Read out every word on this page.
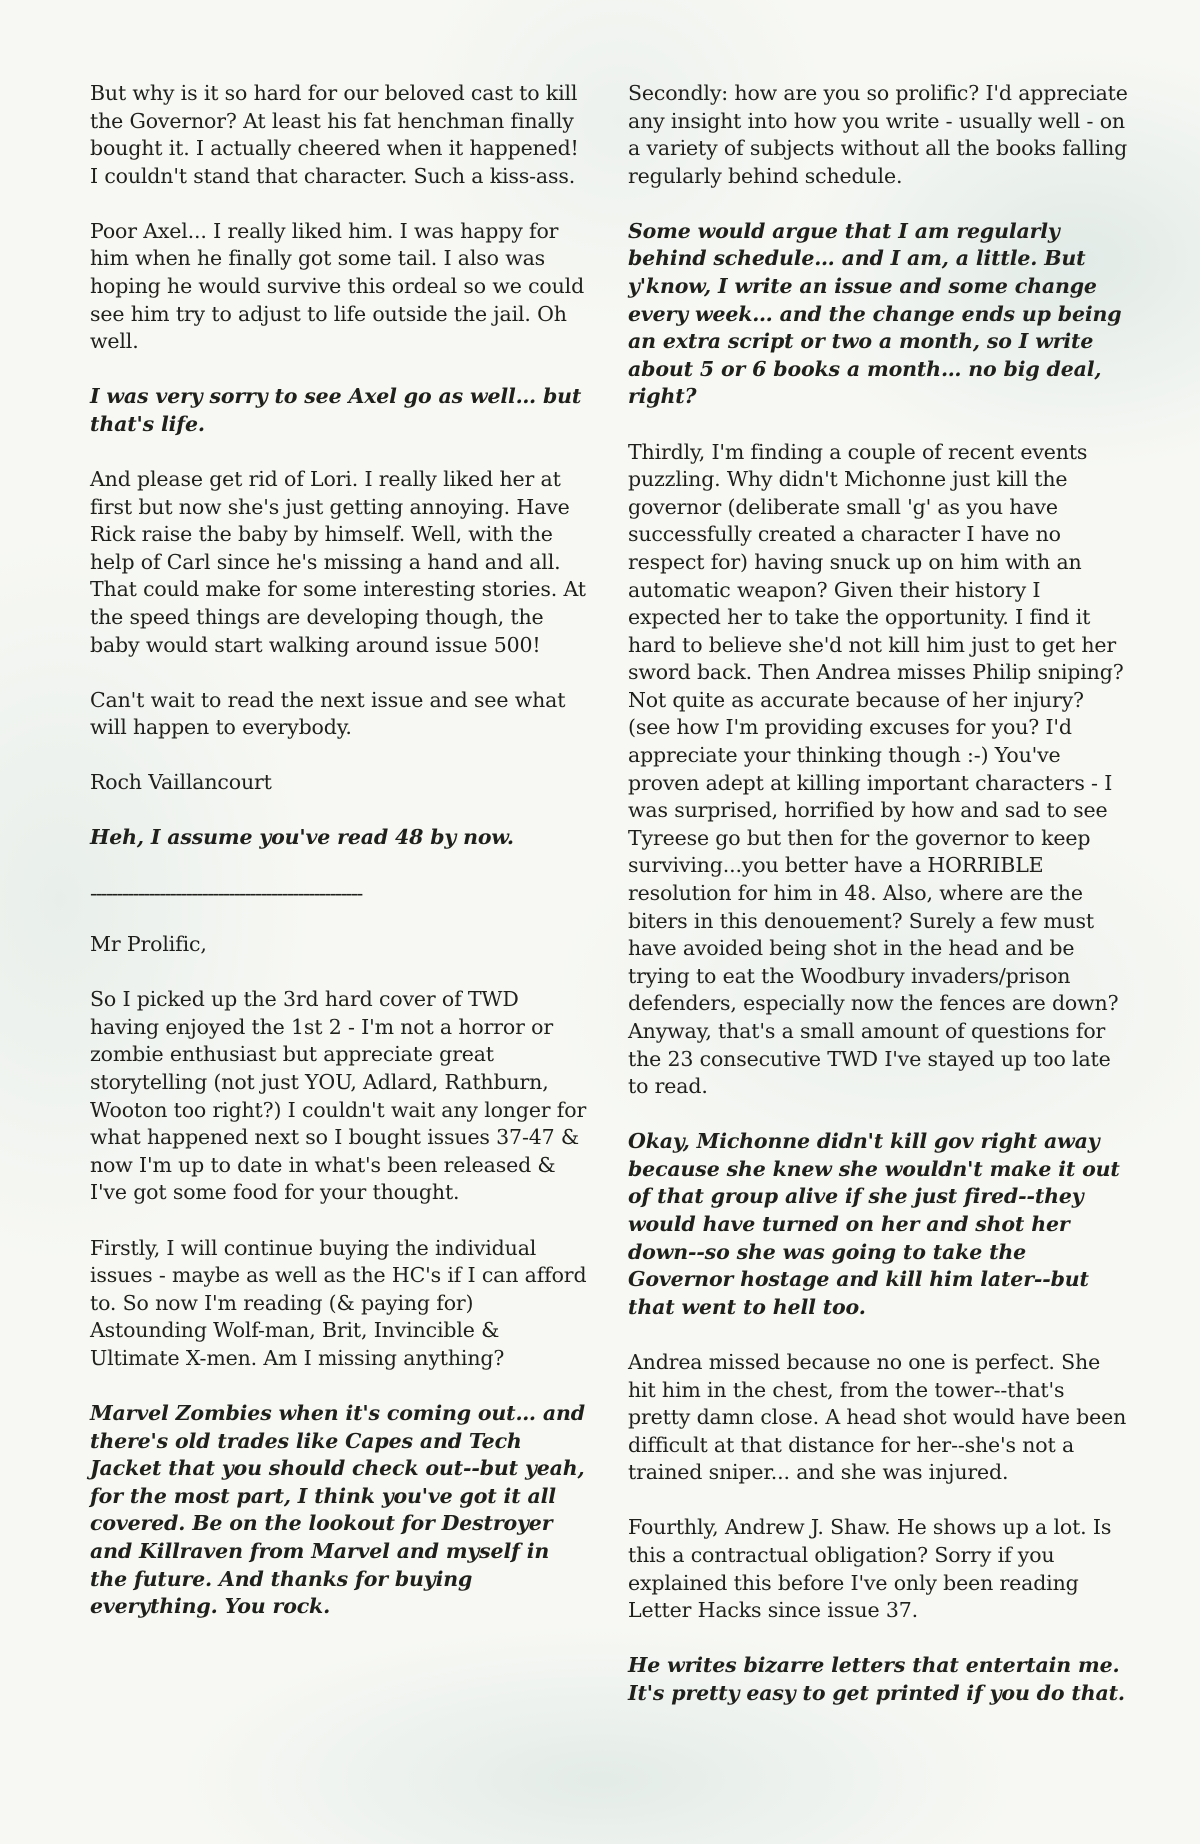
But why is it so hard for our beloved cast to kill the Governor? At least his fat henchman finally bought it. I actually cheered when it happened! I couldn't stand that character. Such a kiss-ass.

Poor Axel... I really liked him. I was happy for him when he finally got some tail. I also was hoping he would survive this ordeal so we could see him try to adjust to life outside the jail. Oh well.

I was very sorry to see Axel go as well… but that's life.

And please get rid of Lori. I really liked her at first but now she's just getting annoying. Have Rick raise the baby by himself. Well, with the help of Carl since he's missing a hand and all. That could make for some interesting stories. At the speed things are developing though, the baby would start walking around issue 500!

Can't wait to read the next issue and see what will happen to everybody.

Roch Vaillancourt

Heh, I assume you've read 48 by now.

---------------------------------------------------

Mr Prolific,

So I picked up the 3rd hard cover of TWD having enjoyed the 1st 2 - I'm not a horror or zombie enthusiast but appreciate great storytelling (not just YOU, Adlard, Rathburn, Wooton too right?) I couldn't wait any longer for what happened next so I bought issues 37-47 & now I'm up to date in what's been released & I've got some food for your thought.

Firstly, I will continue buying the individual issues - maybe as well as the HC's if I can afford to. So now I'm reading (& paying for) Astounding Wolf-man, Brit, Invincible & Ultimate X-men. Am I missing anything?

Marvel Zombies when it's coming out… and there's old trades like Capes and Tech Jacket that you should check out--but yeah, for the most part, I think you've got it all covered. Be on the lookout for Destroyer and Killraven from Marvel and myself in the future. And thanks for buying everything. You rock.

Secondly: how are you so prolific? I'd appreciate any insight into how you write - usually well - on a variety of subjects without all the books falling regularly behind schedule.

Some would argue that I am regularly behind schedule… and I am, a little. But y'know, I write an issue and some change every week… and the change ends up being an extra script or two a month, so I write about 5 or 6 books a month… no big deal, right?

Thirdly, I'm finding a couple of recent events puzzling. Why didn't Michonne just kill the governor (deliberate small 'g' as you have successfully created a character I have no respect for) having snuck up on him with an automatic weapon? Given their history I expected her to take the opportunity. I find it hard to believe she'd not kill him just to get her sword back. Then Andrea misses Philip sniping? Not quite as accurate because of her injury? (see how I'm providing excuses for you? I'd appreciate your thinking though :-) You've proven adept at killing important characters - I was surprised, horrified by how and sad to see Tyreese go but then for the governor to keep surviving...you better have a HORRIBLE resolution for him in 48. Also, where are the biters in this denouement? Surely a few must have avoided being shot in the head and be trying to eat the Woodbury invaders/prison defenders, especially now the fences are down? Anyway, that's a small amount of questions for the 23 consecutive TWD I've stayed up too late to read.

Okay, Michonne didn't kill gov right away because she knew she wouldn't make it out of that group alive if she just fired--they would have turned on her and shot her down--so she was going to take the Governor hostage and kill him later--but that went to hell too.

Andrea missed because no one is perfect. She hit him in the chest, from the tower--that's pretty damn close. A head shot would have been difficult at that distance for her--she's not a trained sniper... and she was injured.

Fourthly, Andrew J. Shaw. He shows up a lot. Is this a contractual obligation? Sorry if you explained this before I've only been reading Letter Hacks since issue 37.

He writes bizarre letters that entertain me. It's pretty easy to get printed if you do that.
